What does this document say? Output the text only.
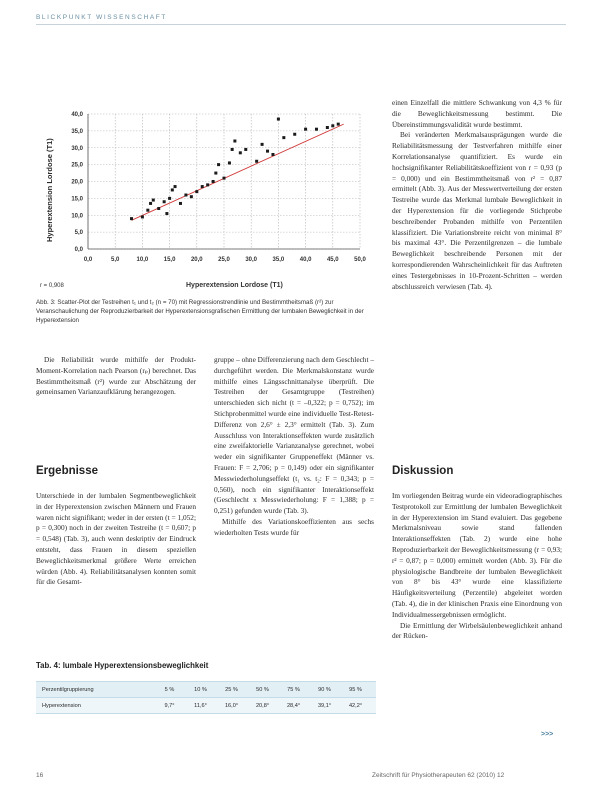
BLICKPUNKT WISSENSCHAFT
0,0
5,0
10,0
15,0
20,0
25,0
30,0
35,0
40,0
0,0	5,0	10,0	15,0	20,0	25,0	30,0	35,0	40,0	45,0	50,0
Hyperextension Lordose (T1)
Hyperextension Lordose (T1)
r = 0,908
Abb. 3: Scatter-Plot der Testreihen t₁ und t₂ (n = 70) mit Regressionstrendlinie und Bestimmtheitsmaß (r²) zur Veranschaulichung der Reproduzierbarkeit der Hyperextensionsgrafischen Ermittlung der lumbalen Beweglichkeit in der Hyperextension

Die Reliabilität wurde mithilfe der Produkt-Moment-Korrelation nach Pearson (rₚ) berechnet. Das Bestimmtheitsmaß (r²) wurde zur Abschätzung der gemeinsamen Varianzaufklärung herangezogen.

Ergebnisse

Unterschiede in der lumbalen Segmentbeweglichkeit in der Hyperextension zwischen Männern und Frauen waren nicht signifikant; weder in der ersten (t = 1,052; p = 0,300) noch in der zweiten Testreihe (t = 0,607; p = 0,548) (Tab. 3), auch wenn deskriptiv der Eindruck entsteht, dass Frauen in diesem speziellen Beweglichkeitsmerkmal größere Werte erreichen würden (Abb. 4). Reliabilitätsanalysen konnten somit für die Gesamt-

gruppe – ohne Differenzierung nach dem Geschlecht – durchgeführt werden. Die Merkmalskonstanz wurde mithilfe eines Längsschnittanalyse überprüft. Die Testreihen der Gesamtgruppe (Testreihen) unterschieden sich nicht (t = –0,322; p = 0,752); im Stichprobenmittel wurde eine individuelle Test-Retest-Differenz von 2,6° ± 2,3° ermittelt (Tab. 3). Zum Ausschluss von Interaktionseffekten wurde zusätzlich eine zweifaktorielle Varianzanalyse gerechnet, wobei weder ein signifikanter Gruppeneffekt (Männer vs. Frauen: F = 2,706; p = 0,149) oder ein signifikanter Messwiederholungseffekt (t₁ vs. t₂: F = 0,343; p = 0,560), noch ein signifikanter Interaktionseffekt (Geschlecht x Messwiederholung: F = 1,388; p = 0,251) gefunden wurde (Tab. 3).

Mithilfe des Variationskoeffizienten aus sechs wiederholten Tests wurde für

einen Einzelfall die mittlere Schwankung von 4,3 % für die Beweglichkeitsmessung bestimmt. Die Übereinstimmungsvalidität wurde bestimmt.

Bei veränderten Merkmalsausprägungen wurde die Reliabilitätsmessung der Testverfahren mithilfe einer Korrelationsanalyse quantifiziert. Es wurde ein hochsignifikanter Reliabilitätskoeffizient von r = 0,93 (p = 0,000) und ein Bestimmtheitsmaß von r² = 0,87 ermittelt (Abb. 3). Aus der Messwertverteilung der ersten Testreihe wurde das Merkmal lumbale Beweglichkeit in der Hyperextension für die vorliegende Stichprobe beschreibender Probanden mithilfe von Perzentilen klassifiziert. Die Variationsbreite reicht von minimal 8° bis maximal 43°. Die Perzentilgrenzen – die lumbale Beweglichkeit beschreibende Personen mit der korrespondierenden Wahrscheinlichkeit für das Auftreten eines Testergebnisses in 10-Prozent-Schritten – werden abschlussreich verwiesen (Tab. 4).

Diskussion

Im vorliegenden Beitrag wurde ein videoradiographisches Testprotokoll zur Ermittlung der lumbalen Beweglichkeit in der Hyperextension im Stand evaluiert. Das gegebene Merkmalsniveau sowie stand fallenden Interaktionseffekten (Tab. 2) wurde eine hohe Reproduzierbarkeit der Beweglichkeitsmessung (r = 0,93; r² = 0,87; p = 0,000) ermittelt worden (Abb. 3). Für die physiologische Bandbreite der lumbalen Beweglichkeit von 8° bis 43° wurde eine klassifizierte Häufigkeitsverteilung (Perzentile) abgeleitet worden (Tab. 4), die in der klinischen Praxis eine Einordnung von Individualmessergebnissen ermöglicht.

Die Ermittlung der Wirbelsäulenbeweglichkeit anhand der Rücken-

>>>
Tab. 4: lumbale Hyperextensionsbeweglichkeit
Perzentilgruppierung	5 %	10 %	25 %	50 %	75 %	90 %	95 %
Hyperextension	9,7°	11,6°	16,0°	20,8°	28,4°	39,1°	42,2°
16	Zeitschrift für Physiotherapeuten 62 (2010) 12
